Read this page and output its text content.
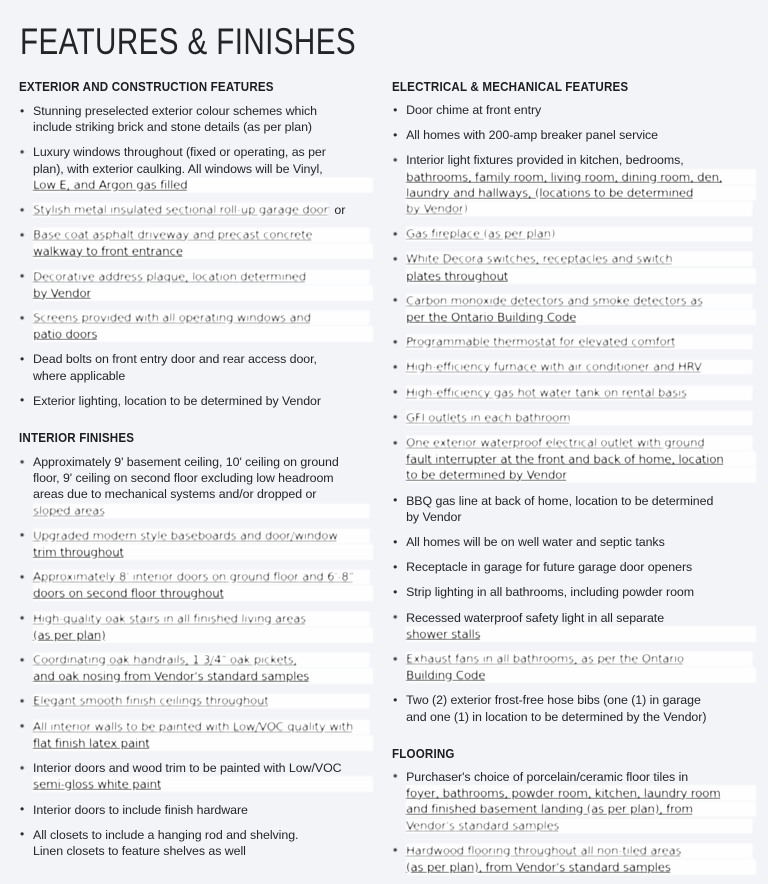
FEATURES & FINISHES
EXTERIOR AND CONSTRUCTION FEATURES
• Stunning preselected exterior colour schemes which
include striking brick and stone details (as per plan)
• Luxury windows throughout (fixed or operating, as per
plan), with exterior caulking. All windows will be Vinyl,
Low E, and Argon gas filled
• Stylish metal insulated sectional roll-up garage door or
• Base coat asphalt driveway and precast concrete
walkway to front entrance
• Decorative address plaque, location determined
by Vendor
• Screens provided with all operating windows and
patio doors
• Dead bolts on front entry door and rear access door,
where applicable
• Exterior lighting, location to be determined by Vendor
INTERIOR FINISHES
• Approximately 9' basement ceiling, 10' ceiling on ground
floor, 9' ceiling on second floor excluding low headroom
areas due to mechanical systems and/or dropped or
sloped areas
• Upgraded modern style baseboards and door/window
trim throughout
• Approximately 8' interior doors on ground floor and 6'-8"
doors on second floor throughout
• High-quality oak stairs in all finished living areas
(as per plan)
• Coordinating oak handrails, 1 3/4" oak pickets,
and oak nosing from Vendor's standard samples
• Elegant smooth finish ceilings throughout
• All interior walls to be painted with Low/VOC quality with
flat finish latex paint
• Interior doors and wood trim to be painted with Low/VOC
semi-gloss white paint
• Interior doors to include finish hardware
• All closets to include a hanging rod and shelving.
Linen closets to feature shelves as well
ELECTRICAL & MECHANICAL FEATURES
• Door chime at front entry
• All homes with 200-amp breaker panel service
• Interior light fixtures provided in kitchen, bedrooms,
bathrooms, family room, living room, dining room, den,
laundry and hallways, (locations to be determined
by Vendor)
• Gas fireplace (as per plan)
• White Decora switches, receptacles and switch
plates throughout
• Carbon monoxide detectors and smoke detectors as
per the Ontario Building Code
• Programmable thermostat for elevated comfort
• High-efficiency furnace with air conditioner and HRV
• High-efficiency gas hot water tank on rental basis
• GFI outlets in each bathroom
• One exterior waterproof electrical outlet with ground
fault interrupter at the front and back of home, location
to be determined by Vendor
• BBQ gas line at back of home, location to be determined
by Vendor
• All homes will be on well water and septic tanks
• Receptacle in garage for future garage door openers
• Strip lighting in all bathrooms, including powder room
• Recessed waterproof safety light in all separate
shower stalls
• Exhaust fans in all bathrooms, as per the Ontario
Building Code
• Two (2) exterior frost-free hose bibs (one (1) in garage
and one (1) in location to be determined by the Vendor)
FLOORING
• Purchaser's choice of porcelain/ceramic floor tiles in
foyer, bathrooms, powder room, kitchen, laundry room
and finished basement landing (as per plan), from
Vendor's standard samples
• Hardwood flooring throughout all non-tiled areas
(as per plan), from Vendor's standard samples
